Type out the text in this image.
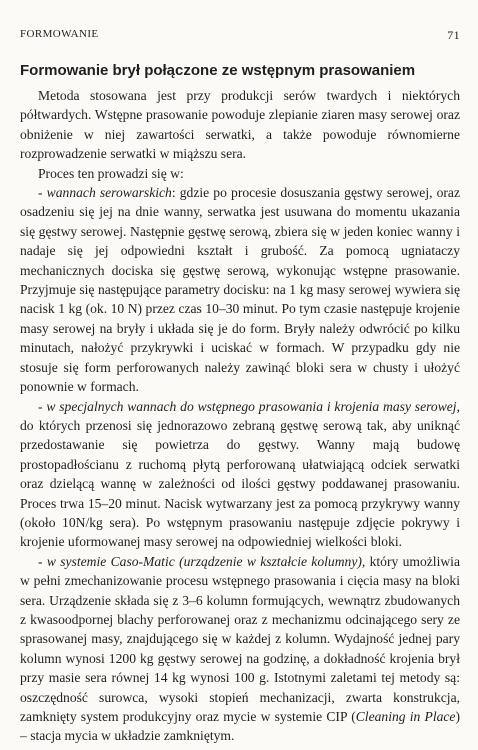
FORMOWANIE	71
Formowanie brył połączone ze wstępnym prasowaniem

Metoda stosowana jest przy produkcji serów twardych i niektórych półtwardych. Wstępne prasowanie powoduje zlepianie ziaren masy serowej oraz obniżenie w niej zawartości serwatki, a także powoduje równomierne rozprowadzenie serwatki w miąższu sera.

Proces ten prowadzi się w:

- wannach serowarskich: gdzie po procesie dosuszania gęstwy serowej, oraz osadzeniu się jej na dnie wanny, serwatka jest usuwana do momentu ukazania się gęstwy serowej. Następnie gęstwę serową, zbiera się w jeden koniec wanny i nadaje się jej odpowiedni kształt i grubość. Za pomocą ugniataczy mechanicznych dociska się gęstwę serową, wykonując wstępne prasowanie. Przyjmuje się następujące parametry docisku: na 1 kg masy serowej wywiera się nacisk 1 kg (ok. 10 N) przez czas 10–30 minut. Po tym czasie następuje krojenie masy serowej na bryły i układa się je do form. Bryły należy odwrócić po kilku minutach, nałożyć przykrywki i uciskać w formach. W przypadku gdy nie stosuje się form perforowanych należy zawinąć bloki sera w chusty i ułożyć ponownie w formach.

- w specjalnych wannach do wstępnego prasowania i krojenia masy serowej, do których przenosi się jednorazowo zebraną gęstwę serową tak, aby uniknąć przedostawanie się powietrza do gęstwy. Wanny mają budowę prostopadłościanu z ruchomą płytą perforowaną ułatwiającą odciek serwatki oraz dzielącą wannę w zależności od ilości gęstwy poddawanej prasowaniu. Proces trwa 15–20 minut. Nacisk wytwarzany jest za pomocą przykrywy wanny (około 10N/kg sera). Po wstępnym prasowaniu następuje zdjęcie pokrywy i krojenie uformowanej masy serowej na odpowiedniej wielkości bloki.

- w systemie Caso-Matic (urządzenie w kształcie kolumny), który umożliwia w pełni zmechanizowanie procesu wstępnego prasowania i cięcia masy na bloki sera. Urządzenie składa się z 3–6 kolumn formujących, wewnątrz zbudowanych z kwasoodpornej blachy perforowanej oraz z mechanizmu odcinającego sery ze sprasowanej masy, znajdującego się w każdej z kolumn. Wydajność jednej pary kolumn wynosi 1200 kg gęstwy serowej na godzinę, a dokładność krojenia brył przy masie sera równej 14 kg wynosi 100 g. Istotnymi zaletami tej metody są: oszczędność surowca, wysoki stopień mechanizacji, zwarta konstrukcja, zamknięty system produkcyjny oraz mycie w systemie CIP (Cleaning in Place) – stacja mycia w układzie zamkniętym.
